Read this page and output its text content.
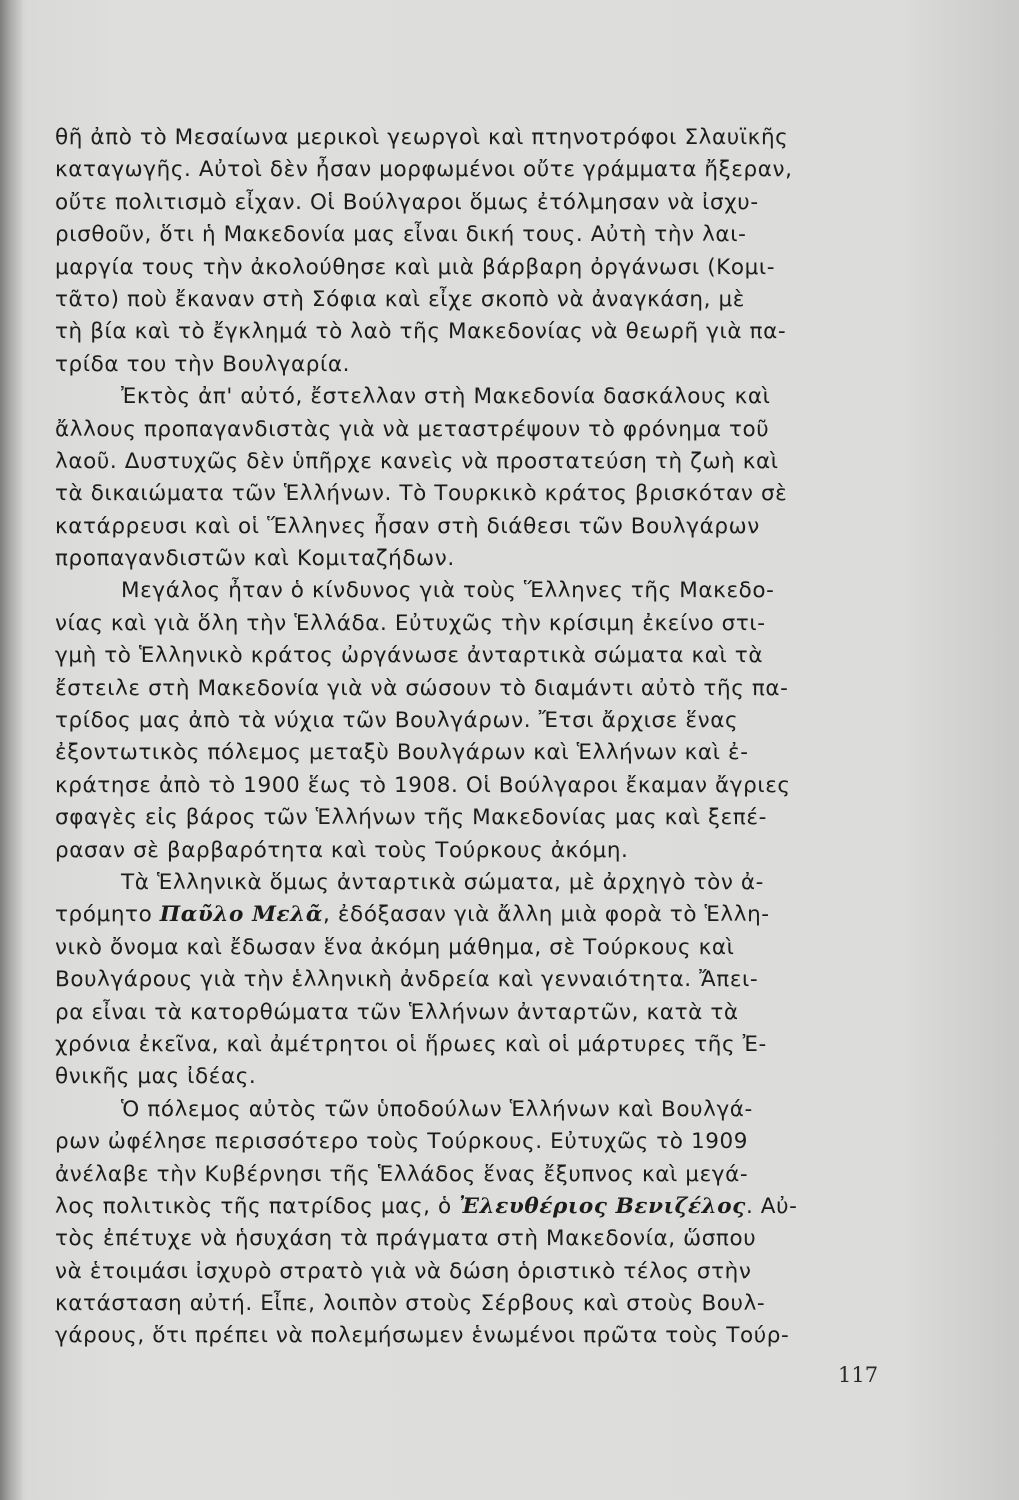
θῆ ἀπὸ τὸ Μεσαίωνα μερικοὶ γεωργοὶ καὶ πτηνοτρόφοι Σλαυϊκῆς
καταγωγῆς. Αὐτοὶ δὲν ἦσαν μορφωμένοι οὔτε γράμματα ἤξεραν,
οὔτε πολιτισμὸ εἶχαν. Οἱ Βούλγαροι ὅμως ἐτόλμησαν νὰ ἰσχυ-
ρισθοῦν, ὅτι ἡ Μακεδονία μας εἶναι δική τους. Αὐτὴ τὴν λαι-
μαργία τους τὴν ἀκολούθησε καὶ μιὰ βάρβαρη ὀργάνωσι (Κομι-
τᾶτο) ποὺ ἔκαναν στὴ Σόφια καὶ εἶχε σκοπὸ νὰ ἀναγκάση, μὲ
τὴ βία καὶ τὸ ἔγκλημά τὸ λαὸ τῆς Μακεδονίας νὰ θεωρῆ γιὰ πα-
τρίδα του τὴν Βουλγαρία.
Ἐκτὸς ἀπ' αὐτό, ἔστελλαν στὴ Μακεδονία δασκάλους καὶ
ἄλλους προπαγανδιστὰς γιὰ νὰ μεταστρέψουν τὸ φρόνημα τοῦ
λαοῦ. Δυστυχῶς δὲν ὑπῆρχε κανεὶς νὰ προστατεύση τὴ ζωὴ καὶ
τὰ δικαιώματα τῶν Ἑλλήνων. Τὸ Τουρκικὸ κράτος βρισκόταν σὲ
κατάρρευσι καὶ οἱ Ἕλληνες ἦσαν στὴ διάθεσι τῶν Βουλγάρων
προπαγανδιστῶν καὶ Κομιταζήδων.
Μεγάλος ἦταν ὁ κίνδυνος γιὰ τοὺς Ἕλληνες τῆς Μακεδο-
νίας καὶ γιὰ ὅλη τὴν Ἑλλάδα. Εὐτυχῶς τὴν κρίσιμη ἐκείνο στι-
γμὴ τὸ Ἑλληνικὸ κράτος ὠργάνωσε ἀνταρτικὰ σώματα καὶ τὰ
ἔστειλε στὴ Μακεδονία γιὰ νὰ σώσουν τὸ διαμάντι αὐτὸ τῆς πα-
τρίδος μας ἀπὸ τὰ νύχια τῶν Βουλγάρων. Ἔτσι ἄρχισε ἕνας
ἐξοντωτικὸς πόλεμος μεταξὺ Βουλγάρων καὶ Ἑλλήνων καὶ ἐ-
κράτησε ἀπὸ τὸ 1900 ἕως τὸ 1908. Οἱ Βούλγαροι ἔκαμαν ἄγριες
σφαγὲς εἰς βάρος τῶν Ἑλλήνων τῆς Μακεδονίας μας καὶ ξεπέ-
ρασαν σὲ βαρβαρότητα καὶ τοὺς Τούρκους ἀκόμη.
Τὰ Ἑλληνικὰ ὅμως ἀνταρτικὰ σώματα, μὲ ἀρχηγὸ τὸν ἀ-
τρόμητο Παῦλο Μελᾶ, ἐδόξασαν γιὰ ἄλλη μιὰ φορὰ τὸ Ἑλλη-
νικὸ ὄνομα καὶ ἔδωσαν ἕνα ἀκόμη μάθημα, σὲ Τούρκους καὶ
Βουλγάρους γιὰ τὴν ἑλληνικὴ ἀνδρεία καὶ γενναιότητα. Ἄπει-
ρα εἶναι τὰ κατορθώματα τῶν Ἑλλήνων ἀνταρτῶν, κατὰ τὰ
χρόνια ἐκεῖνα, καὶ ἀμέτρητοι οἱ ἥρωες καὶ οἱ μάρτυρες τῆς Ἐ-
θνικῆς μας ἰδέας.
Ὁ πόλεμος αὐτὸς τῶν ὑποδούλων Ἑλλήνων καὶ Βουλγά-
ρων ὠφέλησε περισσότερο τοὺς Τούρκους. Εὐτυχῶς τὸ 1909
ἀνέλαβε τὴν Κυβέρνησι τῆς Ἑλλάδος ἕνας ἔξυπνος καὶ μεγά-
λος πολιτικὸς τῆς πατρίδος μας, ὁ Ἐλευθέριος Βενιζέλος. Αὐ-
τὸς ἐπέτυχε νὰ ἡσυχάση τὰ πράγματα στὴ Μακεδονία, ὥσπου
νὰ ἑτοιμάσι ἰσχυρὸ στρατὸ γιὰ νὰ δώση ὁριστικὸ τέλος στὴν
κατάσταση αὐτή. Εἶπε, λοιπὸν στοὺς Σέρβους καὶ στοὺς Βουλ-
γάρους, ὅτι πρέπει νὰ πολεμήσωμεν ἑνωμένοι πρῶτα τοὺς Τούρ-
117
